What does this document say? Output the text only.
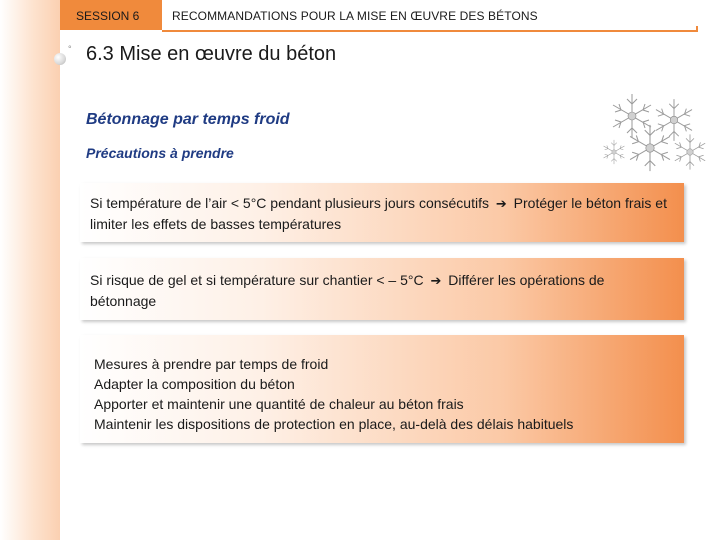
SESSION 6	RECOMMANDATIONS POUR LA MISE EN ŒUVRE DES BÉTONS
° 6.3 Mise en œuvre du béton
Bétonnage par temps froid
Précautions à prendre
Si température de l’air < 5°C pendant plusieurs jours consécutifs ➔ Protéger le béton frais et limiter les effets de basses températures
Si risque de gel et si température sur chantier < – 5°C ➔ Différer les opérations de bétonnage
Mesures à prendre par temps de froid
Adapter la composition du béton
Apporter et maintenir une quantité de chaleur au béton frais
Maintenir les dispositions de protection en place, au-delà des délais habituels
